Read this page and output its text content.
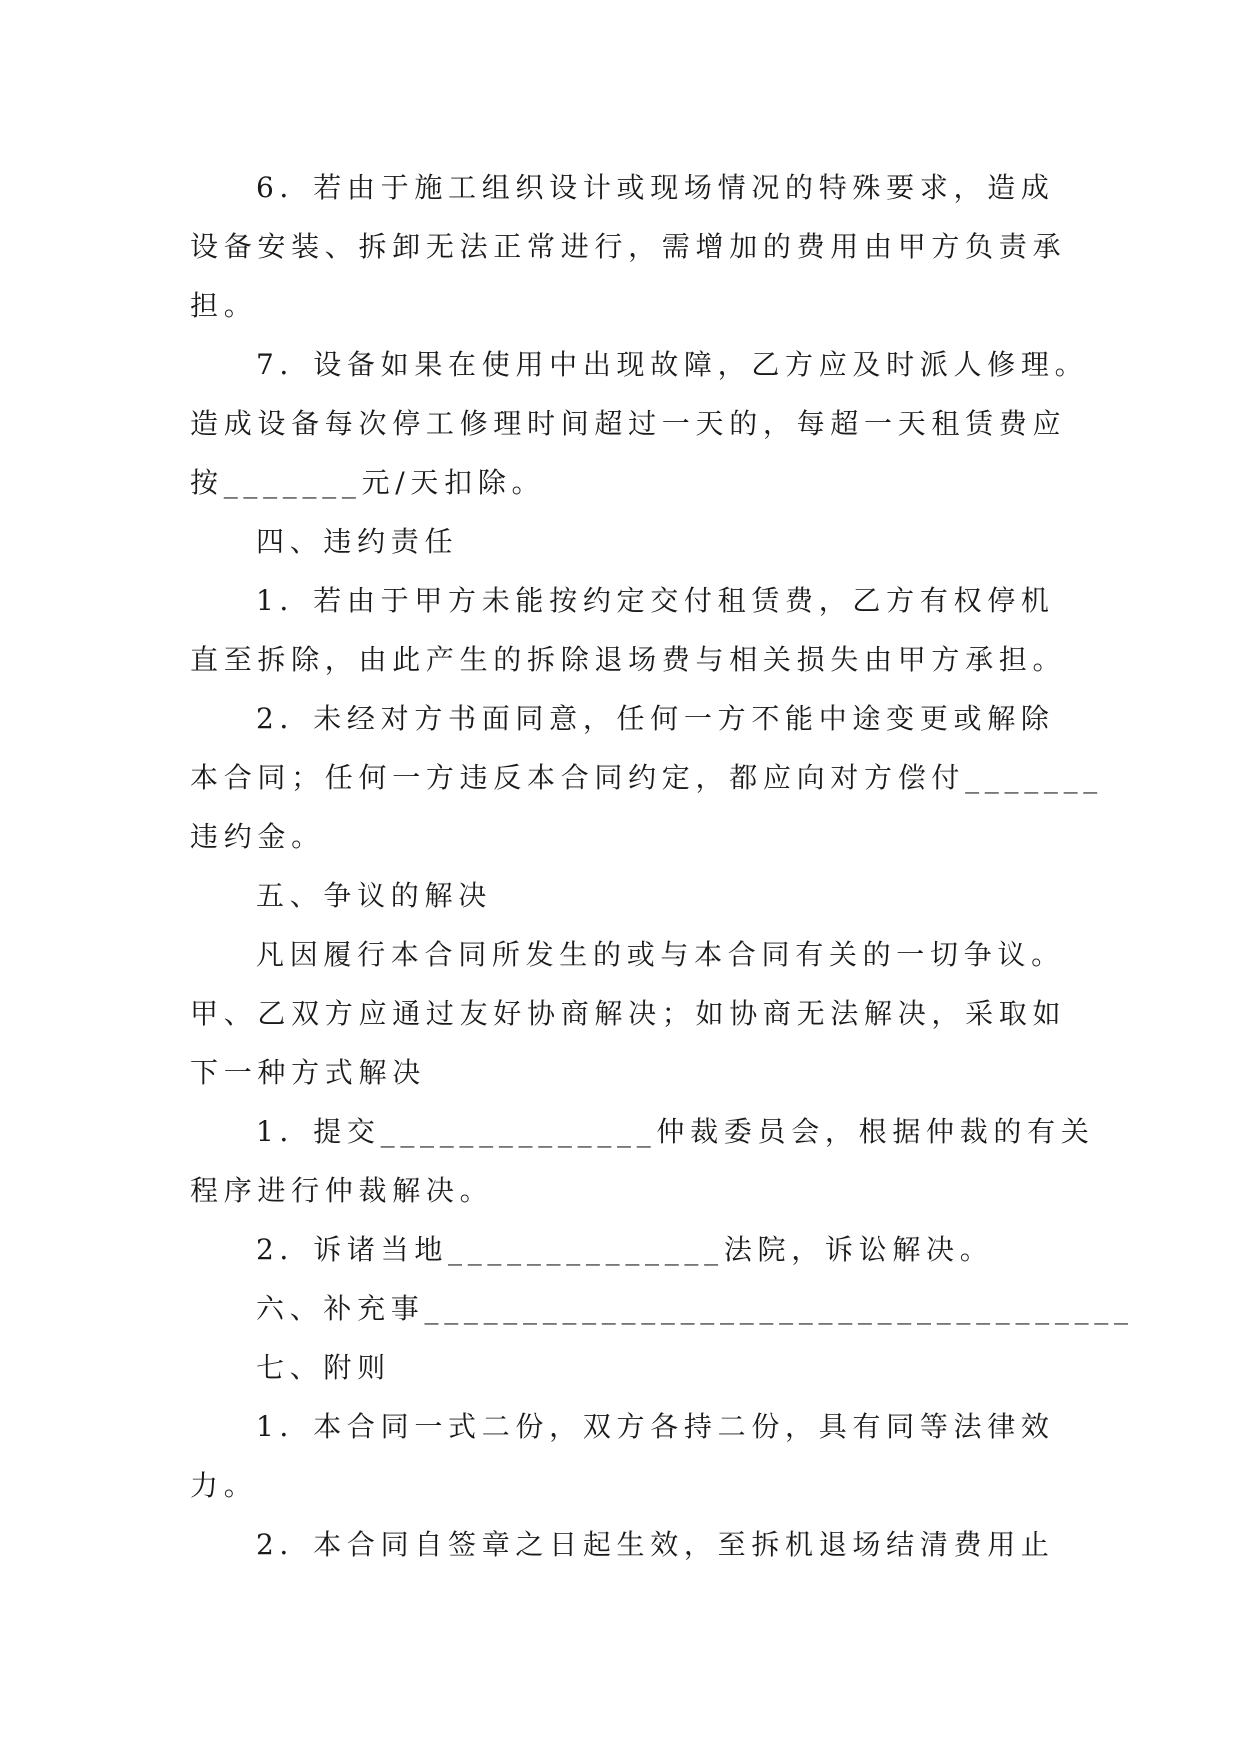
6．若由于施工组织设计或现场情况的特殊要求，造成
设备安装、拆卸无法正常进行，需增加的费用由甲方负责承
担。
7．设备如果在使用中出现故障，乙方应及时派人修理。
造成设备每次停工修理时间超过一天的，每超一天租赁费应
按_______元/天扣除。
四、违约责任
1．若由于甲方未能按约定交付租赁费，乙方有权停机
直至拆除，由此产生的拆除退场费与相关损失由甲方承担。
2．未经对方书面同意，任何一方不能中途变更或解除
本合同；任何一方违反本合同约定，都应向对方偿付_______
违约金。
五、争议的解决
凡因履行本合同所发生的或与本合同有关的一切争议。
甲、乙双方应通过友好协商解决；如协商无法解决，采取如
下一种方式解决
1．提交______________仲裁委员会，根据仲裁的有关
程序进行仲裁解决。
2．诉诸当地______________法院，诉讼解决。
六、补充事____________________________________
七、附则
1．本合同一式二份，双方各持二份，具有同等法律效
力。
2．本合同自签章之日起生效，至拆机退场结清费用止
